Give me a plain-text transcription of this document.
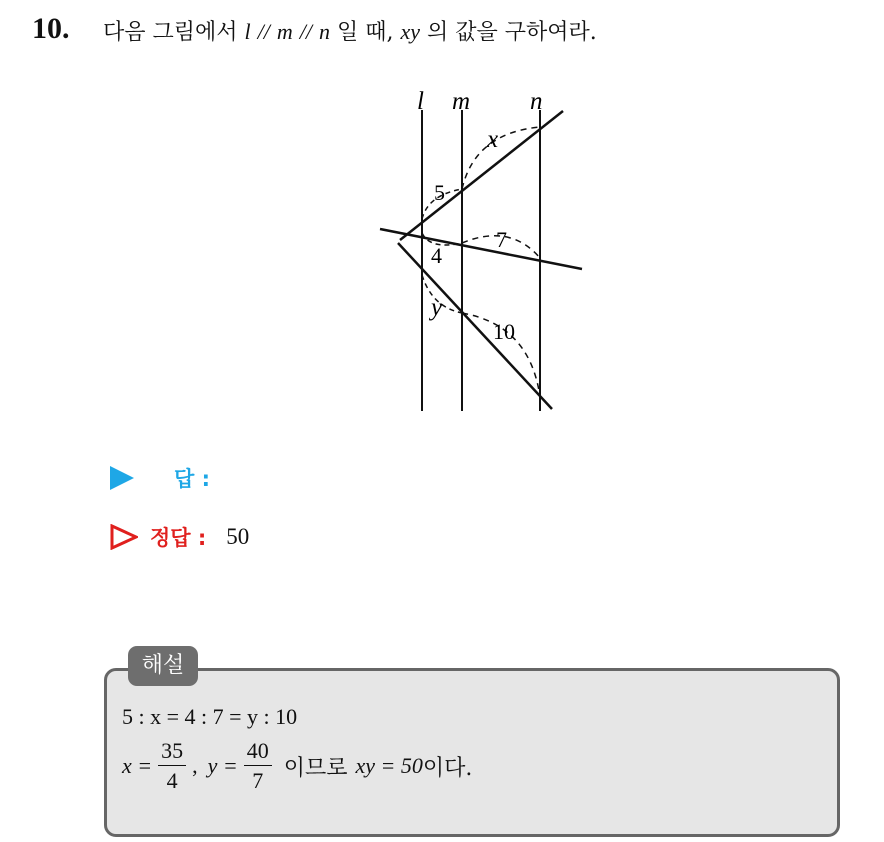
10. 다음 그림에서 l // m // n 일 때, xy 의 값을 구하여라.
l m n
x
5
4
7
y
10
답 :
정답 : 50
해설
5 : x = 4 : 7 = y : 10
$x = \frac{35}{4}$ , $y = \frac{40}{7}$ 이므로 xy = 50 이다.
